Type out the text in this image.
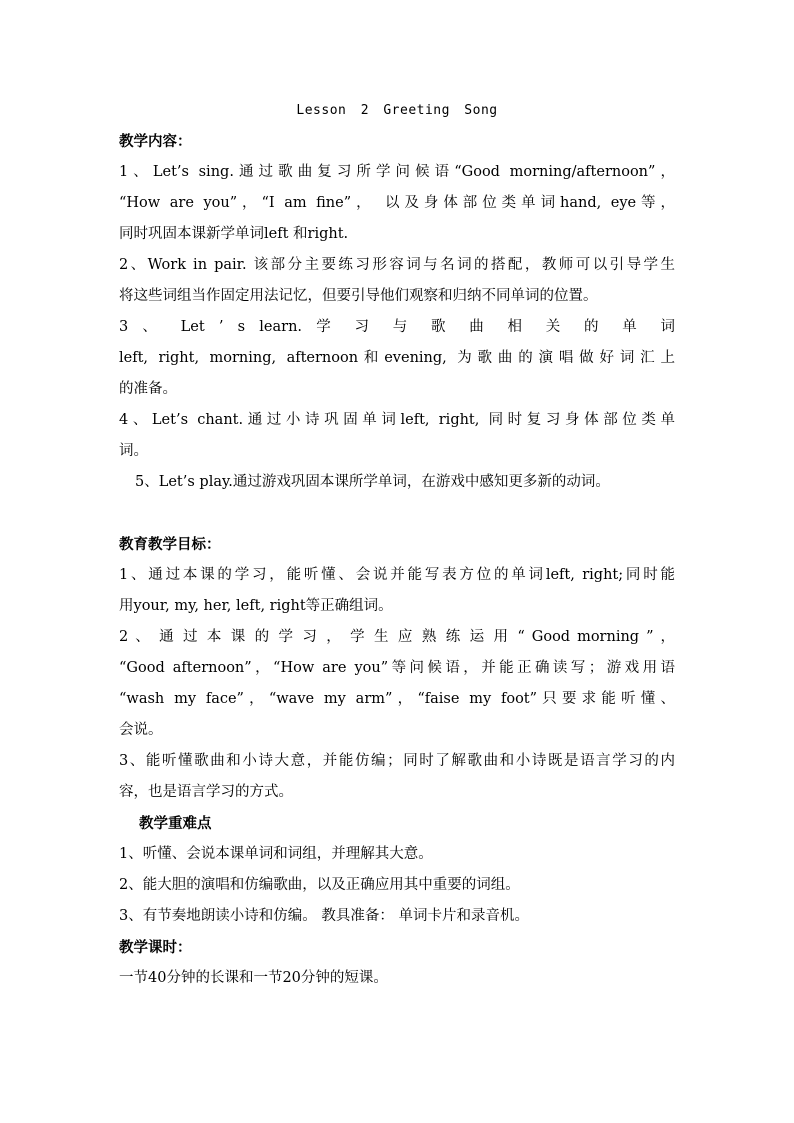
Lesson 2 Greeting Song
教学内容：
1、Let’s sing.通过歌曲复习所学问候语“Good morning/afternoon”，
“How are you”，“I am fine”， 以及身体部位类单词hand, eye等，
同时巩固本课新学单词left 和right.
2、Work in pair. 该部分主要练习形容词与名词的搭配，教师可以引导学生
将这些词组当作固定用法记忆，但要引导他们观察和归纳不同单词的位置。
3 、 Let ’ s learn. 学 习 与 歌 曲 相 关 的 单 词
left, right, morning, afternoon和evening, 为歌曲的演唱做好词汇上
的准备。
4、Let’s chant.通过小诗巩固单词left, right, 同时复习身体部位类单
词。
5、Let’s play.通过游戏巩固本课所学单词，在游戏中感知更多新的动词。
教育教学目标：
1、通过本课的学习，能听懂、会说并能写表方位的单词left, right;同时能
用your, my, her, left, right等正确组词。
2 、 通 过 本 课 的 学 习 ， 学 生 应 熟 练 运 用 “ Good morning ” ，
“Good afternoon”，“How are you”等问候语，并能正确读写；游戏用语
“wash my face”，“wave my arm”，“faise my foot”只要求能听懂、
会说。
3、能听懂歌曲和小诗大意，并能仿编；同时了解歌曲和小诗既是语言学习的内
容，也是语言学习的方式。
教学重难点
1、听懂、会说本课单词和词组，并理解其大意。
2、能大胆的演唱和仿编歌曲，以及正确应用其中重要的词组。
3、有节奏地朗读小诗和仿编。 教具准备： 单词卡片和录音机。
教学课时：
一节40分钟的长课和一节20分钟的短课。
